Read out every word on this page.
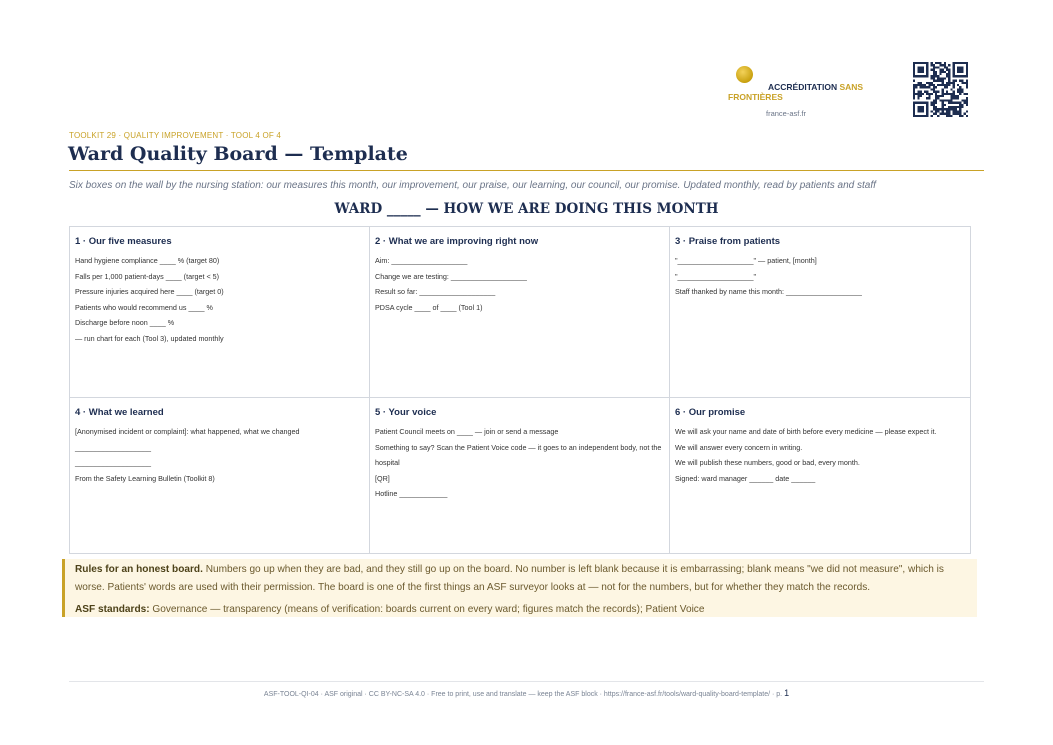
ACCRÉDITATION SANS
FRONTIÈRES
france-asf.fr
TOOLKIT 29 · QUALITY IMPROVEMENT · TOOL 4 OF 4
Ward Quality Board — Template
Six boxes on the wall by the nursing station: our measures this month, our improvement, our praise, our learning, our council, our promise. Updated monthly, read by patients and staff
WARD _____ — HOW WE ARE DOING THIS MONTH
1 · Our five measures

Hand hygiene compliance ____ % (target 80)

Falls per 1,000 patient-days ____ (target < 5)

Pressure injuries acquired here ____ (target 0)

Patients who would recommend us ____ %

Discharge before noon ____ %

— run chart for each (Tool 3), updated monthly

2 · What we are improving right now

Aim: ___________________

Change we are testing: ___________________

Result so far: ___________________

PDSA cycle ____ of ____ (Tool 1)

3 · Praise from patients

"___________________" — patient, [month]

"___________________"

Staff thanked by name this month: ___________________

4 · What we learned

[Anonymised incident or complaint]: what happened, what we changed

___________________

___________________

From the Safety Learning Bulletin (Toolkit 8)

5 · Your voice

Patient Council meets on ____ — join or send a message

Something to say? Scan the Patient Voice code — it goes to an independent body, not the hospital

[QR]

Hotline ____________

6 · Our promise

We will ask your name and date of birth before every medicine — please expect it.

We will answer every concern in writing.

We will publish these numbers, good or bad, every month.

Signed: ward manager ______ date ______

Rules for an honest board. Numbers go up when they are bad, and they still go up on the board. No number is left blank because it is embarrassing; blank means "we did not measure", which is worse. Patients' words are used with their permission. The board is one of the first things an ASF surveyor looks at — not for the numbers, but for whether they match the records.

ASF standards: Governance — transparency (means of verification: boards current on every ward; figures match the records); Patient Voice

ASF-TOOL-QI-04 · ASF original · CC BY-NC-SA 4.0 · Free to print, use and translate — keep the ASF block · https://france-asf.fr/tools/ward-quality-board-template/ · p. 1
